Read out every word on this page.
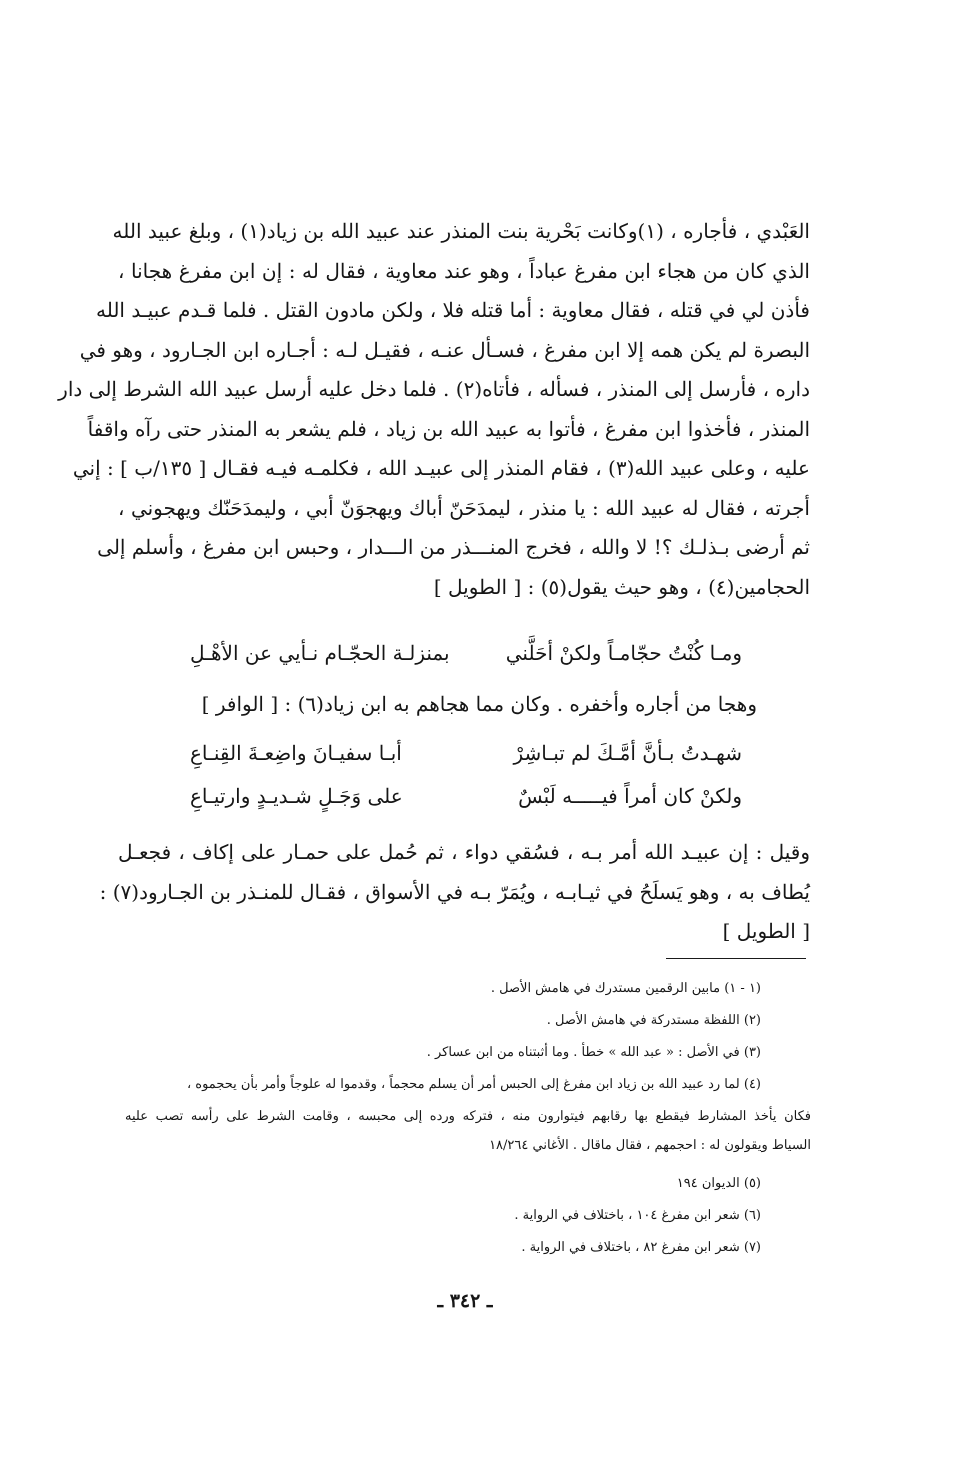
العَبْدي ، فأجاره ، (١)وكانت بَحْرية بنت المنذر عند عبيد الله بن زياد(١) ، وبلغ عبيد الله
الذي كان من هجاء ابن مفرغ عباداً ، وهو عند معاوية ، فقال له : إن ابن مفرغ هجانا ،
فأذن لي في قتله ، فقال معاوية : أما قتله فلا ، ولكن مادون القتل . فلما قـدم عبيـد الله
البصرة لم يكن همه إلا ابن مفرغ ، فسـأل عنـه ، فقيـل لـه : أجـاره ابن الجـارود ، وهو في
داره ، فأرسل إلى المنذر ، فسأله ، فأتاه(٢) . فلما دخل عليه أرسل عبيد الله الشرط إلى دار
المنذر ، فأخذوا ابن مفرغ ، فأتوا به عبيد الله بن زياد ، فلم يشعر به المنذر حتى رآه واقفاً
عليه ، وعلى عبيد الله(٣) ، فقام المنذر إلى عبيـد الله ، فكلمـه فيـه فقـال [ ١٣٥/ب ] : إني
أجرته ، فقال له عبيد الله : يا منذر ، ليمدَحَنّ أباك ويهجوَنّ أبي ، وليمدَحَنّك ويهجوني ،
ثم أرضى بـذلـك ؟! لا والله ، فخرج المنـــذر من الـــدار ، وحبس ابن مفرغ ، وأسلم إلى
الحجامين(٤) ، وهو حيث يقول(٥) : [ الطويل ]
ومـا كُنْتُ حجّامـاً ولكنْ أحَلَّني
بمنزلـة الحجّـام نـأيي عن الأهْـلِ
وهجا من أجاره وأخفره . وكان مما هجاهم به ابن زياد(٦) : [ الوافر ]
شهـدتُ بـأنَّ أمَّـكَ لم تبـاشِرْ
أبـا سفيـانَ واضِعـةَ القِنـاعِ
ولكنْ كان أمراً فيـــــه لَبْسٌ
على وَجَـلٍ شـديـدٍ وارتيـاعِ
وقيل : إن عبيـد الله أمر بـه ، فسُقي دواء ، ثم حُمل على حمـار على إكاف ، فجعـل
يُطاف به ، وهو يَسلَحُ في ثيـابـه ، ويُمَرّ بـه في الأسواق ، فقـال للمنـذر بن الجـارود(٧) :
[ الطويل ]
(١ - ١) مابين الرقمين مستدرك في هامش الأصل .
(٢) اللفظة مستدركة في هامش الأصل .
(٣) في الأصل : « عبد الله » خطأ . وما أثبتناه من ابن عساكر .
(٤) لما رد عبيد الله بن زياد ابن مفرغ إلى الحبس أمر أن يسلم محجماً ، وقدموا له علوجاً وأمر بأن يحجموه ،
فكان يأخذ المشارط فيقطع بها رقابهم فيتوارون منه ، فتركه ورده إلى محبسه ، وقامت الشرط على رأسه تصب عليه
السياط ويقولون له : احجمهم ، فقال ماقال . الأغاني ١٨/٢٦٤
(٥) الديوان ١٩٤
(٦) شعر ابن مفرغ ١٠٤ ، باختلاف في الرواية .
(٧) شعر ابن مفرغ ٨٢ ، باختلاف في الرواية .
ـ ٣٤٢ ـ
